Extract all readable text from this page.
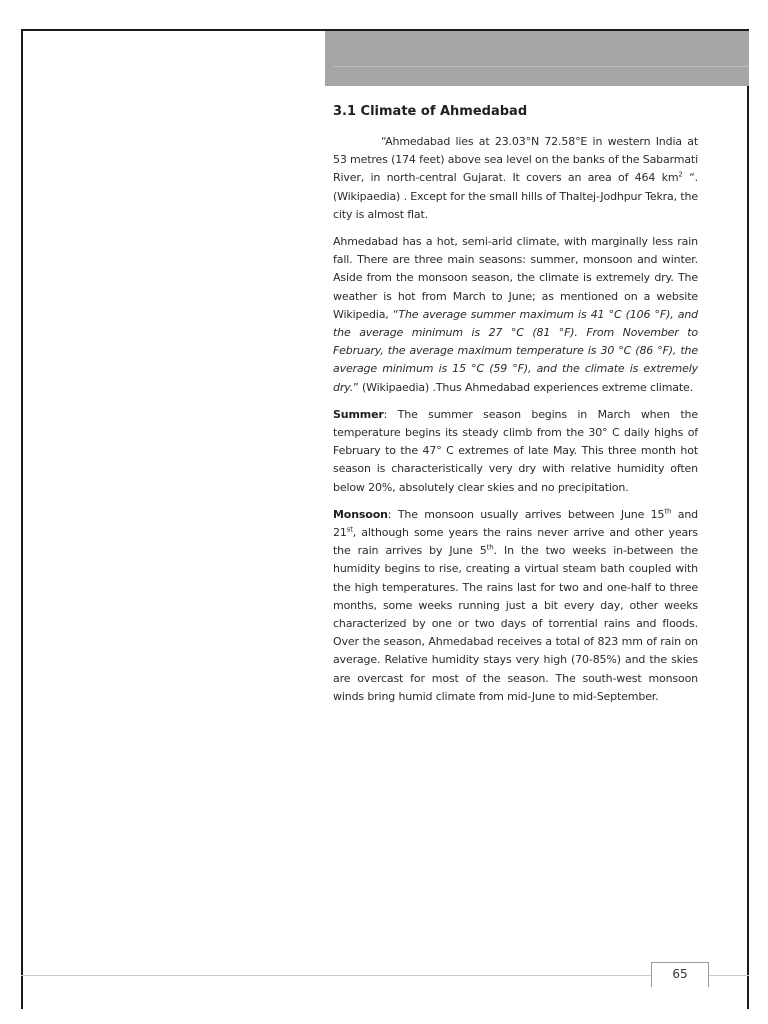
3.1 Climate of Ahmedabad

“Ahmedabad lies at 23.03°N 72.58°E in western India at 53 metres (174 feet) above sea level on the banks of the Sabarmati River, in north-central Gujarat. It covers an area of 464 $km^2$ “. (Wikipaedia) . Except for the small hills of Thaltej-Jodhpur Tekra, the city is almost flat.

Ahmedabad has a hot, semi-arid climate, with marginally less rain fall. There are three main seasons: summer, monsoon and winter. Aside from the monsoon season, the climate is extremely dry. The weather is hot from March to June; as mentioned on a website Wikipedia, “The average summer maximum is 41 °C (106 °F), and the average minimum is 27 °C (81 °F). From November to February, the average maximum temperature is 30 °C (86 °F), the average minimum is 15 °C (59 °F), and the climate is extremely dry.” (Wikipaedia) .Thus Ahmedabad experiences extreme climate.

Summer: The summer season begins in March when the temperature begins its steady climb from the 30° C daily highs of February to the 47° C extremes of late May. This three month hot season is characteristically very dry with relative humidity often below 20%, absolutely clear skies and no precipitation.

Monsoon: The monsoon usually arrives between June 15th and 21st, although some years the rains never arrive and other years the rain arrives by June 5th. In the two weeks in-between the humidity begins to rise, creating a virtual steam bath coupled with the high temperatures. The rains last for two and one-half to three months, some weeks running just a bit every day, other weeks characterized by one or two days of torrential rains and floods. Over the season, Ahmedabad receives a total of 823 mm of rain on average. Relative humidity stays very high (70-85%) and the skies are overcast for most of the season. The south-west monsoon winds bring humid climate from mid-June to mid-September.

65
